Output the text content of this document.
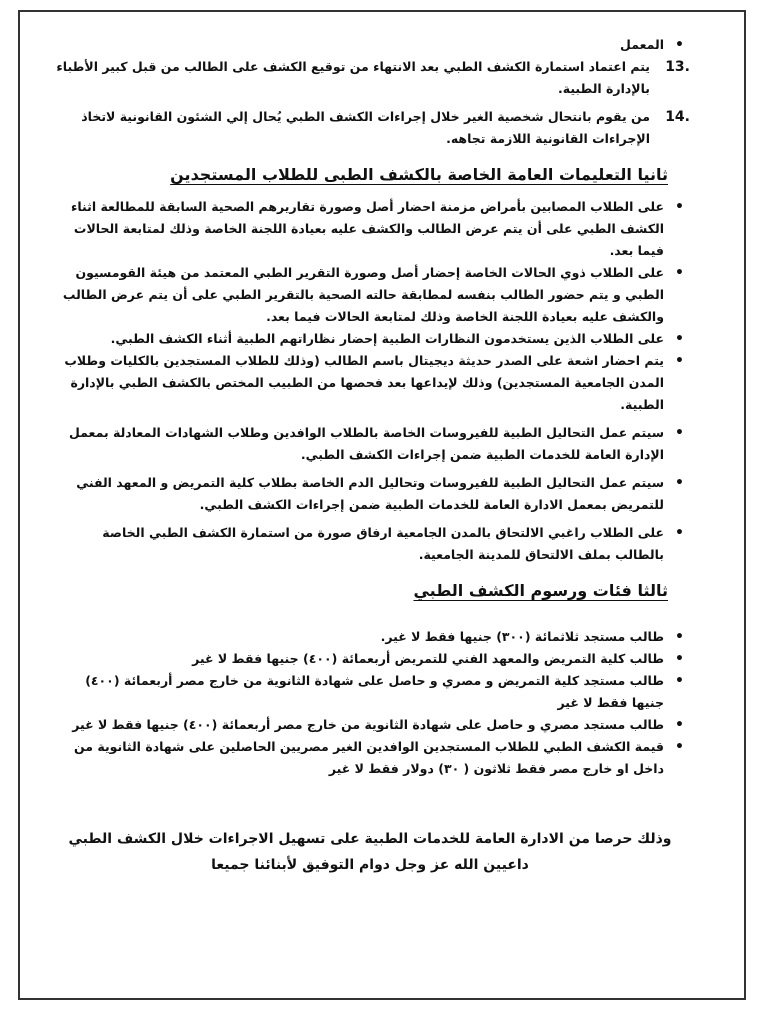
• المعمل

13.
يتم اعتماد استمارة الكشف الطبي بعد الانتهاء من توقيع الكشف على الطالب من قبل كبير الأطباء بالإدارة الطبية.

14.
من يقوم بانتحال شخصية الغير خلال إجراءات الكشف الطبي يُحال إلي الشئون القانونية لاتخاذ الإجراءات القانونية اللازمة تجاهه.

ثانيا التعليمات العامة الخاصة بالكشف الطبى للطلاب المستجدين

• على الطلاب المصابين بأمراض مزمنة احضار أصل وصورة تقاريرهم الصحية السابقة للمطالعة اثناء الكشف الطبي على أن يتم عرض الطالب والكشف عليه بعيادة اللجنة الخاصة وذلك لمتابعة الحالات فيما بعد.

• على الطلاب ذوي الحالات الخاصة إحضار أصل وصورة التقرير الطبي المعتمد من هيئة القومسيون الطبي و يتم حضور الطالب بنفسه لمطابقة حالته الصحية بالتقرير الطبي على أن يتم عرض الطالب والكشف عليه بعيادة اللجنة الخاصة وذلك لمتابعة الحالات فيما بعد.

• على الطلاب الذين يستخدمون النظارات الطبية إحضار نظاراتهم الطبية أثناء الكشف الطبي.

• يتم احضار اشعة على الصدر حديثة ديجيتال باسم الطالب (وذلك للطلاب المستجدين بالكليات وطلاب المدن الجامعية المستجدين) وذلك لإيداعها بعد فحصها من الطبيب المختص بالكشف الطبي بالإدارة الطبية.

• سيتم عمل التحاليل الطبية للفيروسات الخاصة بالطلاب الوافدين وطلاب الشهادات المعادلة بمعمل الإدارة العامة للخدمات الطبية ضمن إجراءات الكشف الطبي.

• سيتم عمل التحاليل الطبية للفيروسات وتحاليل الدم الخاصة بطلاب كلية التمريض و المعهد الفني للتمريض بمعمل الادارة العامة للخدمات الطبية ضمن إجراءات الكشف الطبي.

• على الطلاب راغبي الالتحاق بالمدن الجامعية ارفاق صورة من استمارة الكشف الطبي الخاصة بالطالب بملف الالتحاق للمدينة الجامعية.

ثالثا فئات ورسوم الكشف الطبي

• طالب مستجد ثلاثمائة (٣٠٠) جنيها فقط لا غير.

• طالب كلية التمريض والمعهد الفني للتمريض أربعمائة (٤٠٠) جنيها فقط لا غير

• طالب مستجد كلية التمريض و مصري و حاصل على شهادة الثانوية من خارج مصر أربعمائة (٤٠٠) جنيها فقط لا غير

• طالب مستجد مصري و حاصل على شهادة الثانوية من خارج مصر أربعمائة (٤٠٠) جنيها فقط لا غير

• قيمة الكشف الطبي للطلاب المستجدين الوافدين الغير مصريين الحاصلين على شهادة الثانوية من داخل او خارج مصر فقط ثلاثون ( ٣٠) دولار فقط لا غير

وذلك حرصا من الادارة العامة للخدمات الطبية على تسهيل الاجراءات خلال الكشف الطبي

داعيين الله عز وجل دوام التوفيق لأبنائنا جميعا
